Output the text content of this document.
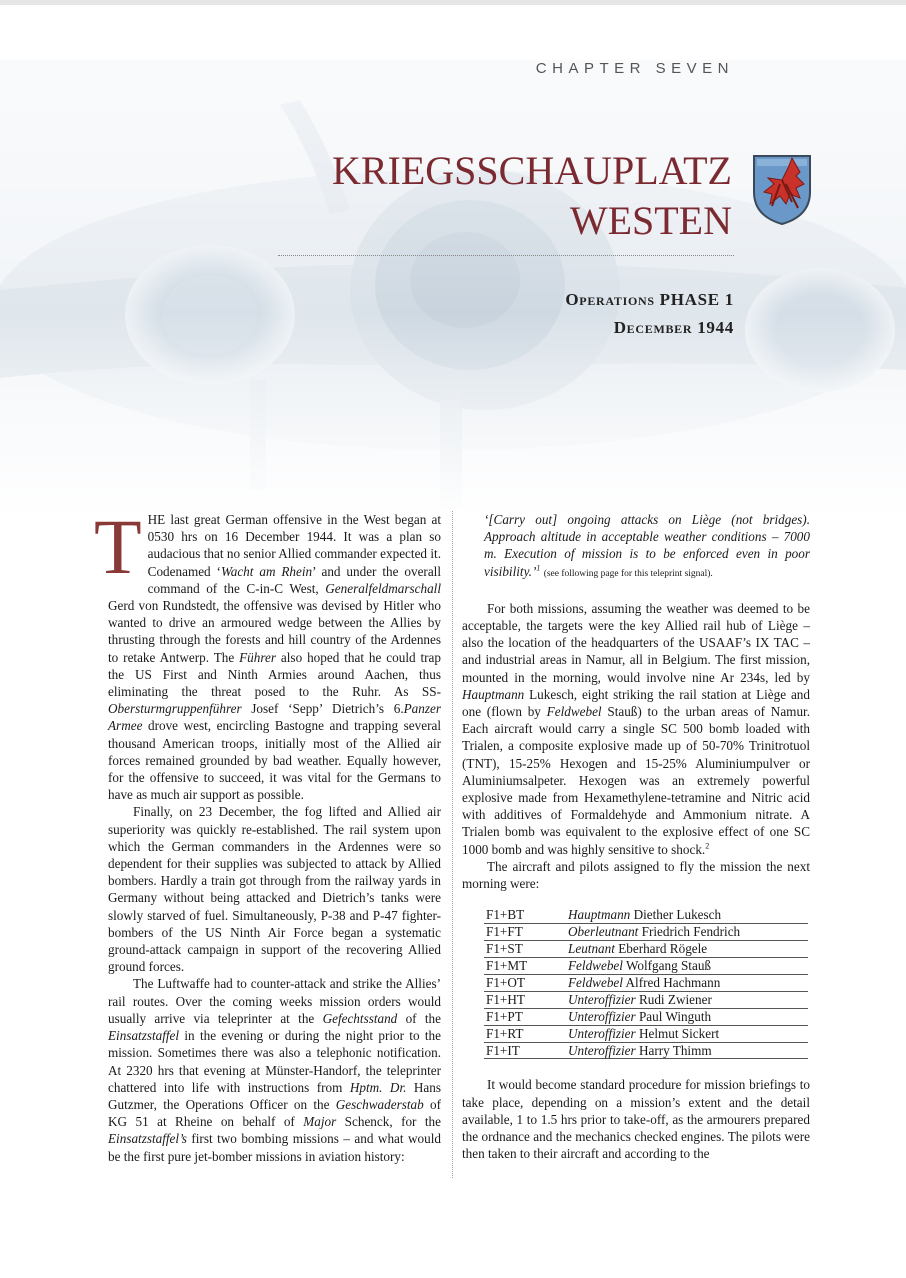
CHAPTER SEVEN
KRIEGSSCHAUPLATZ
WESTEN
Operations PHASE 1
December 1944

THE last great German offensive in the West began at 0530 hrs on 16 December 1944. It was a plan so audacious that no senior Allied commander expected it. Codenamed ‘Wacht am Rhein’ and under the overall command of the C-in-C West, Generalfeldmarschall Gerd von Rundstedt, the offensive was devised by Hitler who wanted to drive an armoured wedge between the Allies by thrusting through the forests and hill country of the Ardennes to retake Antwerp. The Führer also hoped that he could trap the US First and Ninth Armies around Aachen, thus eliminating the threat posed to the Ruhr. As SS-Obersturmgruppenführer Josef ‘Sepp’ Dietrich’s 6.Panzer Armee drove west, encircling Bastogne and trapping several thousand American troops, initially most of the Allied air forces remained grounded by bad weather. Equally however, for the offensive to succeed, it was vital for the Germans to have as much air support as possible.

Finally, on 23 December, the fog lifted and Allied air superiority was quickly re-established. The rail system upon which the German commanders in the Ardennes were so dependent for their supplies was subjected to attack by Allied bombers. Hardly a train got through from the railway yards in Germany without being attacked and Dietrich’s tanks were slowly starved of fuel. Simultaneously, P-38 and P-47 fighter-bombers of the US Ninth Air Force began a systematic ground-attack campaign in support of the recovering Allied ground forces.

The Luftwaffe had to counter-attack and strike the Allies’ rail routes. Over the coming weeks mission orders would usually arrive via teleprinter at the Gefechtsstand of the Einsatzstaffel in the evening or during the night prior to the mission. Sometimes there was also a telephonic notification. At 2320 hrs that evening at Münster-Handorf, the teleprinter chattered into life with instructions from Hptm. Dr. Hans Gutzmer, the Operations Officer on the Geschwaderstab of KG 51 at Rheine on behalf of Major Schenck, for the Einsatzstaffel’s first two bombing missions – and what would be the first pure jet-bomber missions in aviation history:

‘[Carry out] ongoing attacks on Liège (not bridges). Approach altitude in acceptable weather conditions – 7000 m. Execution of mission is to be enforced even in poor visibility.’$^1$ (see following page for this teleprint signal).

For both missions, assuming the weather was deemed to be acceptable, the targets were the key Allied rail hub of Liège – also the location of the headquarters of the USAAF’s IX TAC – and industrial areas in Namur, all in Belgium. The first mission, mounted in the morning, would involve nine Ar 234s, led by Hauptmann Lukesch, eight striking the rail station at Liège and one (flown by Feldwebel Stauß) to the urban areas of Namur. Each aircraft would carry a single SC 500 bomb loaded with Trialen, a composite explosive made up of 50-70% Trinitrotuol (TNT), 15-25% Hexogen and 15-25% Aluminiumpulver or Aluminiumsalpeter. Hexogen was an extremely powerful explosive made from Hexamethylene-tetramine and Nitric acid with additives of Formaldehyde and Ammonium nitrate. A Trialen bomb was equivalent to the explosive effect of one SC 1000 bomb and was highly sensitive to shock.$^2$

The aircraft and pilots assigned to fly the mission the next morning were:

F1+BT	Hauptmann Diether Lukesch
F1+FT	Oberleutnant Friedrich Fendrich
F1+ST	Leutnant Eberhard Rögele
F1+MT	Feldwebel Wolfgang Stauß
F1+OT	Feldwebel Alfred Hachmann
F1+HT	Unteroffizier Rudi Zwiener
F1+PT	Unteroffizier Paul Winguth
F1+RT	Unteroffizier Helmut Sickert
F1+IT	Unteroffizier Harry Thimm

It would become standard procedure for mission briefings to take place, depending on a mission’s extent and the detail available, 1 to 1.5 hrs prior to take-off, as the armourers prepared the ordnance and the mechanics checked engines. The pilots were then taken to their aircraft and according to the
